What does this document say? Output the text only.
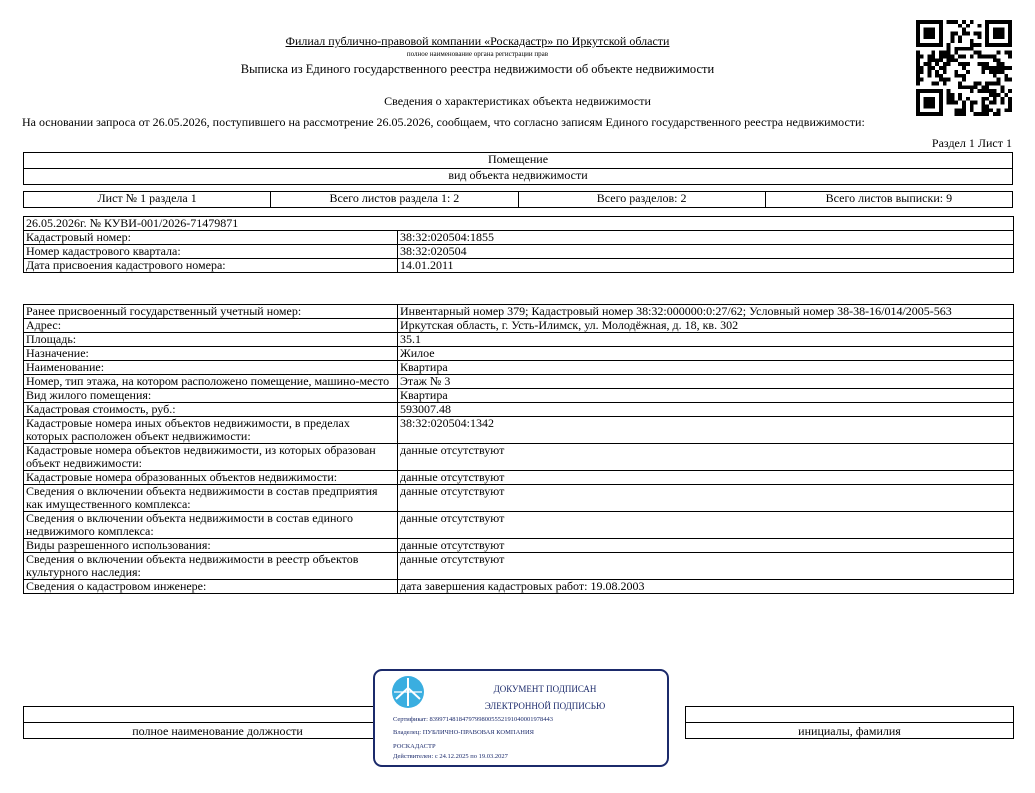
Филиал публично-правовой компании «Роскадастр» по Иркутской области
полное наименование органа регистрации прав
Выписка из Единого государственного реестра недвижимости об объекте недвижимости
Сведения о характеристиках объекта недвижимости
На основании запроса от 26.05.2026, поступившего на рассмотрение 26.05.2026, сообщаем, что согласно записям Единого государственного реестра недвижимости:
Раздел 1 Лист 1
Помещение
вид объекта недвижимости
Лист № 1 раздела 1	Всего листов раздела 1: 2	Всего разделов: 2	Всего листов выписки: 9
26.05.2026г. № КУВИ-001/2026-71479871	
Кадастровый номер:	38:32:020504:1855
Номер кадастрового квартала:	38:32:020504
Дата присвоения кадастрового номера:	14.01.2011
Ранее присвоенный государственный учетный номер:	Инвентарный номер 379; Кадастровый номер 38:32:000000:0:27/62; Условный номер 38-38-16/014/2005-563
Адрес:	Иркутская область, г. Усть-Илимск, ул. Молодёжная, д. 18, кв. 302
Площадь:	35.1
Назначение:	Жилое
Наименование:	Квартира
Номер, тип этажа, на котором расположено помещение, машино-место	Этаж № 3
Вид жилого помещения:	Квартира
Кадастровая стоимость, руб.:	593007.48
Кадастровые номера иных объектов недвижимости, в пределах которых расположен объект недвижимости:	38:32:020504:1342
Кадастровые номера объектов недвижимости, из которых образован объект недвижимости:	данные отсутствуют
Кадастровые номера образованных объектов недвижимости:	данные отсутствуют
Сведения о включении объекта недвижимости в состав предприятия как имущественного комплекса:	данные отсутствуют
Сведения о включении объекта недвижимости в состав единого недвижимого комплекса:	данные отсутствуют
Виды разрешенного использования:	данные отсутствуют
Сведения о включении объекта недвижимости в реестр объектов культурного наследия:	данные отсутствуют
Сведения о кадастровом инженере:	дата завершения кадастровых работ: 19.08.2003

полное наименование должности		инициалы, фамилия
ДОКУМЕНТ ПОДПИСАН
ЭЛЕКТРОННОЙ ПОДПИСЬЮ
Сертификат: 83997148184797998005552191040001978443
Владелец: ПУБЛИЧНО-ПРАВОВАЯ КОМПАНИЯ
РОСКАДАСТР
Действителен: с 24.12.2025 по 19.03.2027
